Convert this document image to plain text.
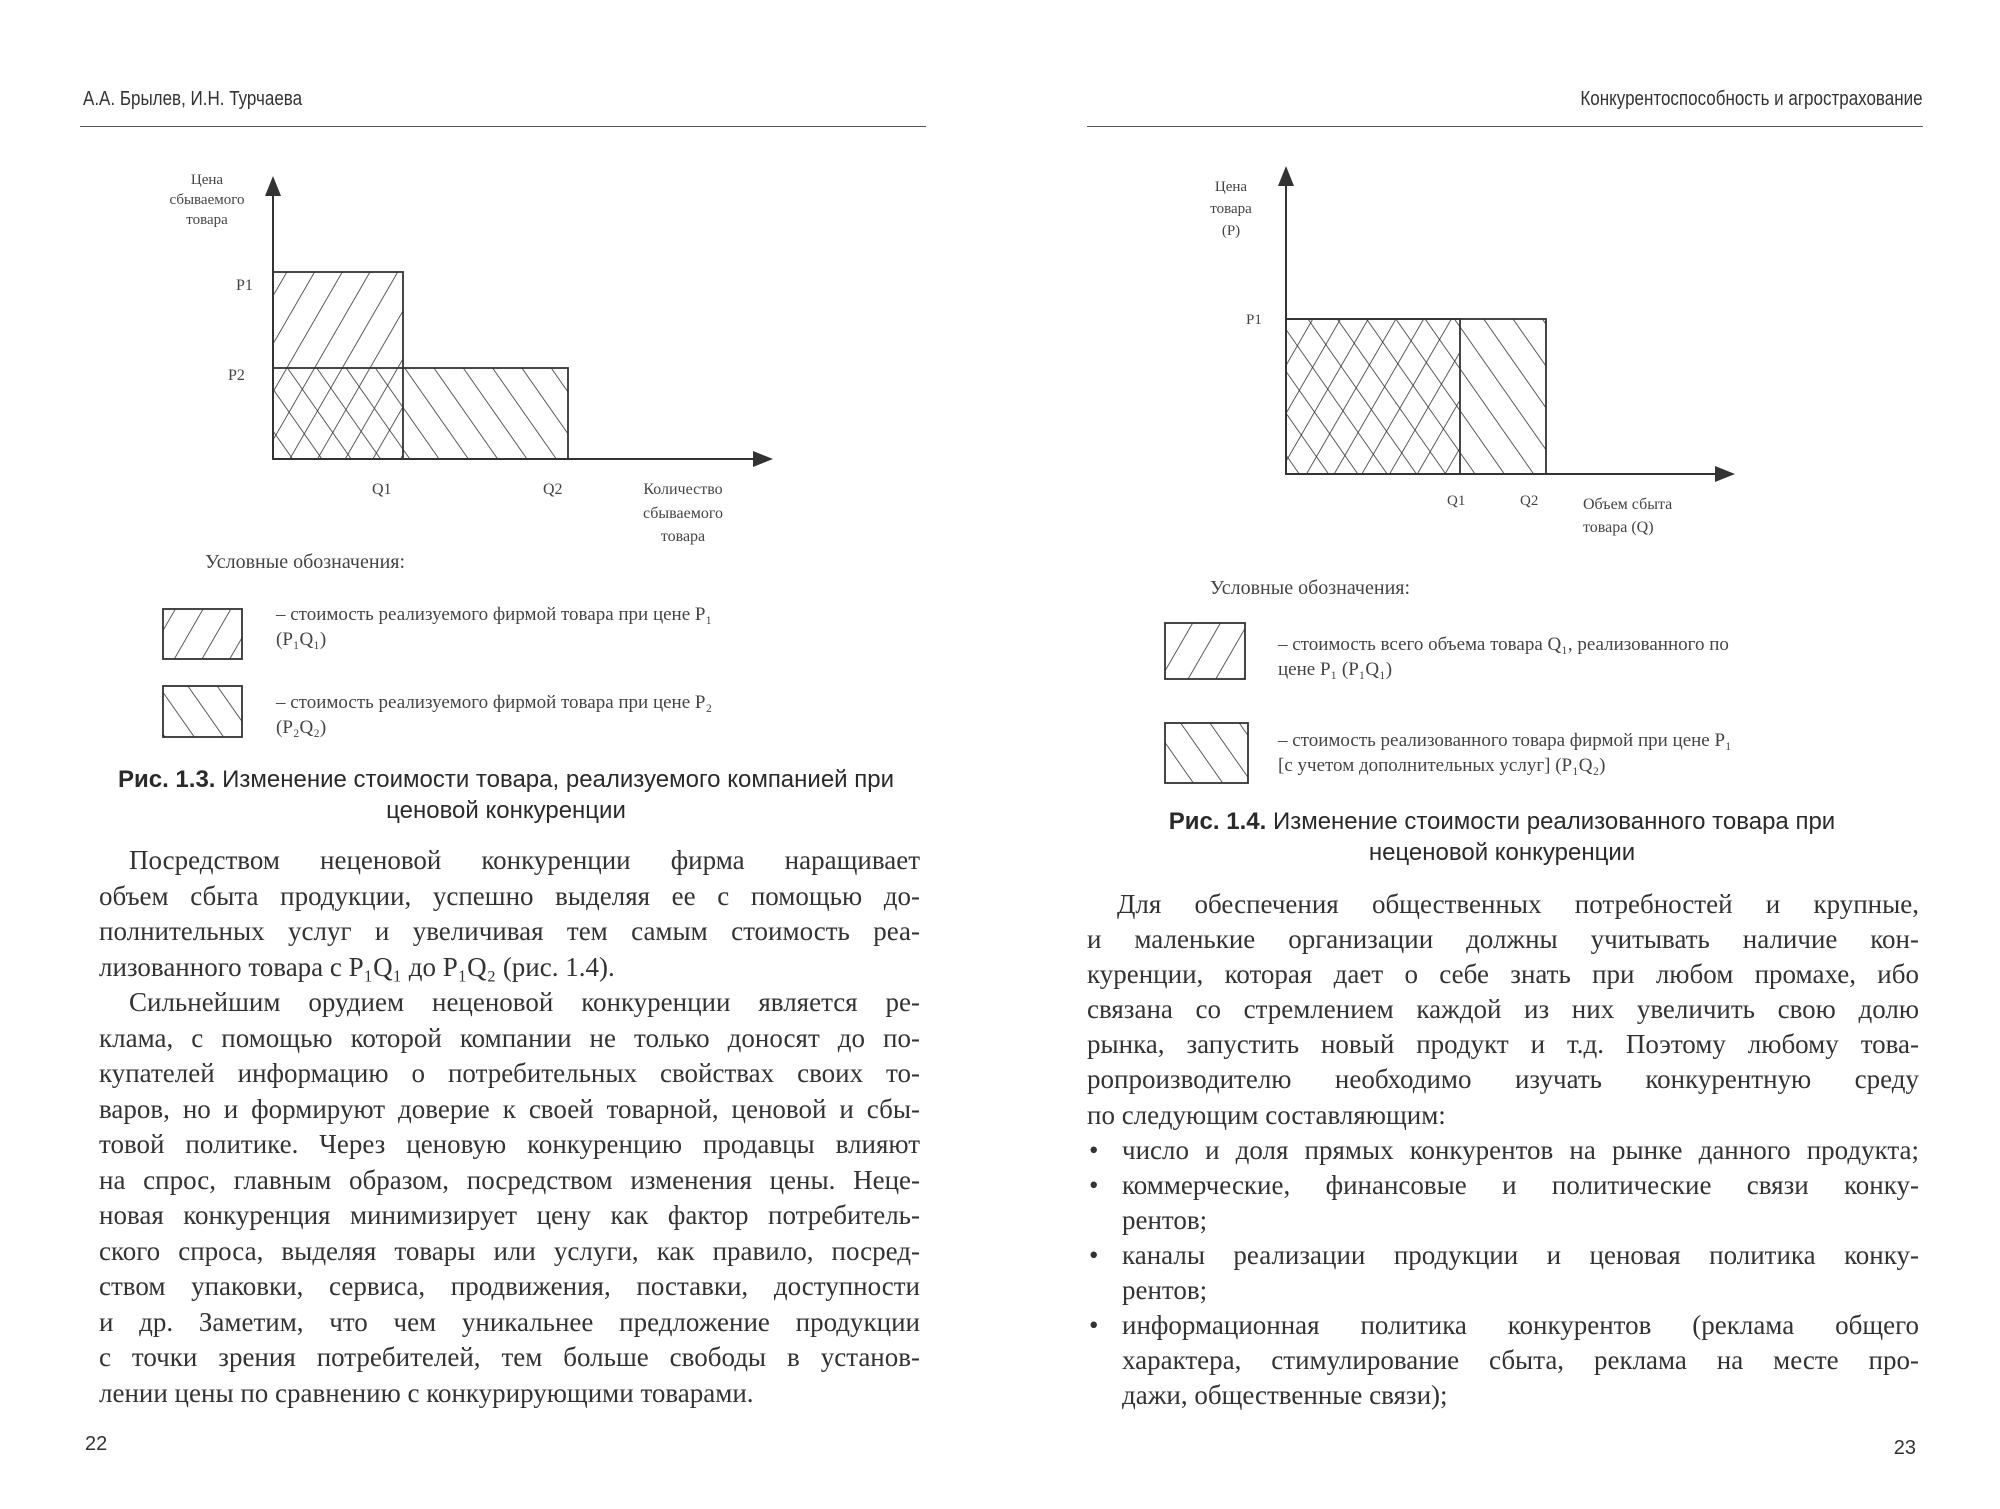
А.А. Брылев, И.Н. Турчаева	Конкурентоспособность и агрострахование
Цена сбываемого товара
P1
P2
Q1	Q2	Количество сбываемого товара
Цена товара (P)
P1
Q1	Q2	Объем сбыта товара (Q)
Условные обозначения:
– стоимость реализуемого фирмой товара при цене P₁
(P₁Q₁)
– стоимость реализуемого фирмой товара при цене P₂
(P₂Q₂)
Рис. 1.3. Изменение стоимости товара, реализуемого компанией при
ценовой конкуренции
Условные обозначения:
– стоимость всего объема товара Q₁, реализованного по
цене P₁ (P₁Q₁)
– стоимость реализованного товара фирмой при цене P₁
[с учетом дополнительных услуг] (P₁Q₂)
Рис. 1.4. Изменение стоимости реализованного товара при
неценовой конкуренции
Посредством неценовой конкуренции фирма наращивает
объем сбыта продукции, успешно выделяя ее с помощью до-
полнительных услуг и увеличивая тем самым стоимость реа-
лизованного товара с P₁Q₁ до P₁Q₂ (рис. 1.4).
Сильнейшим орудием неценовой конкуренции является ре-
клама, с помощью которой компании не только доносят до по-
купателей информацию о потребительных свойствах своих то-
варов, но и формируют доверие к своей товарной, ценовой и сбы-
товой политике. Через ценовую конкуренцию продавцы влияют
на спрос, главным образом, посредством изменения цены. Неце-
новая конкуренция минимизирует цену как фактор потребитель-
ского спроса, выделяя товары или услуги, как правило, посред-
ством упаковки, сервиса, продвижения, поставки, доступности
и др. Заметим, что чем уникальнее предложение продукции
с точки зрения потребителей, тем больше свободы в установ-
лении цены по сравнению с конкурирующими товарами.
Для обеспечения общественных потребностей и крупные,
и маленькие организации должны учитывать наличие кон-
куренции, которая дает о себе знать при любом промахе, ибо
связана со стремлением каждой из них увеличить свою долю
рынка, запустить новый продукт и т.д. Поэтому любому това-
ропроизводителю необходимо изучать конкурентную среду
по следующим составляющим:
• число и доля прямых конкурентов на рынке данного продукта;
• коммерческие, финансовые и политические связи конку-
рентов;
• каналы реализации продукции и ценовая политика конку-
рентов;
• информационная политика конкурентов (реклама общего
характера, стимулирование сбыта, реклама на месте про-
дажи, общественные связи);
22	23
